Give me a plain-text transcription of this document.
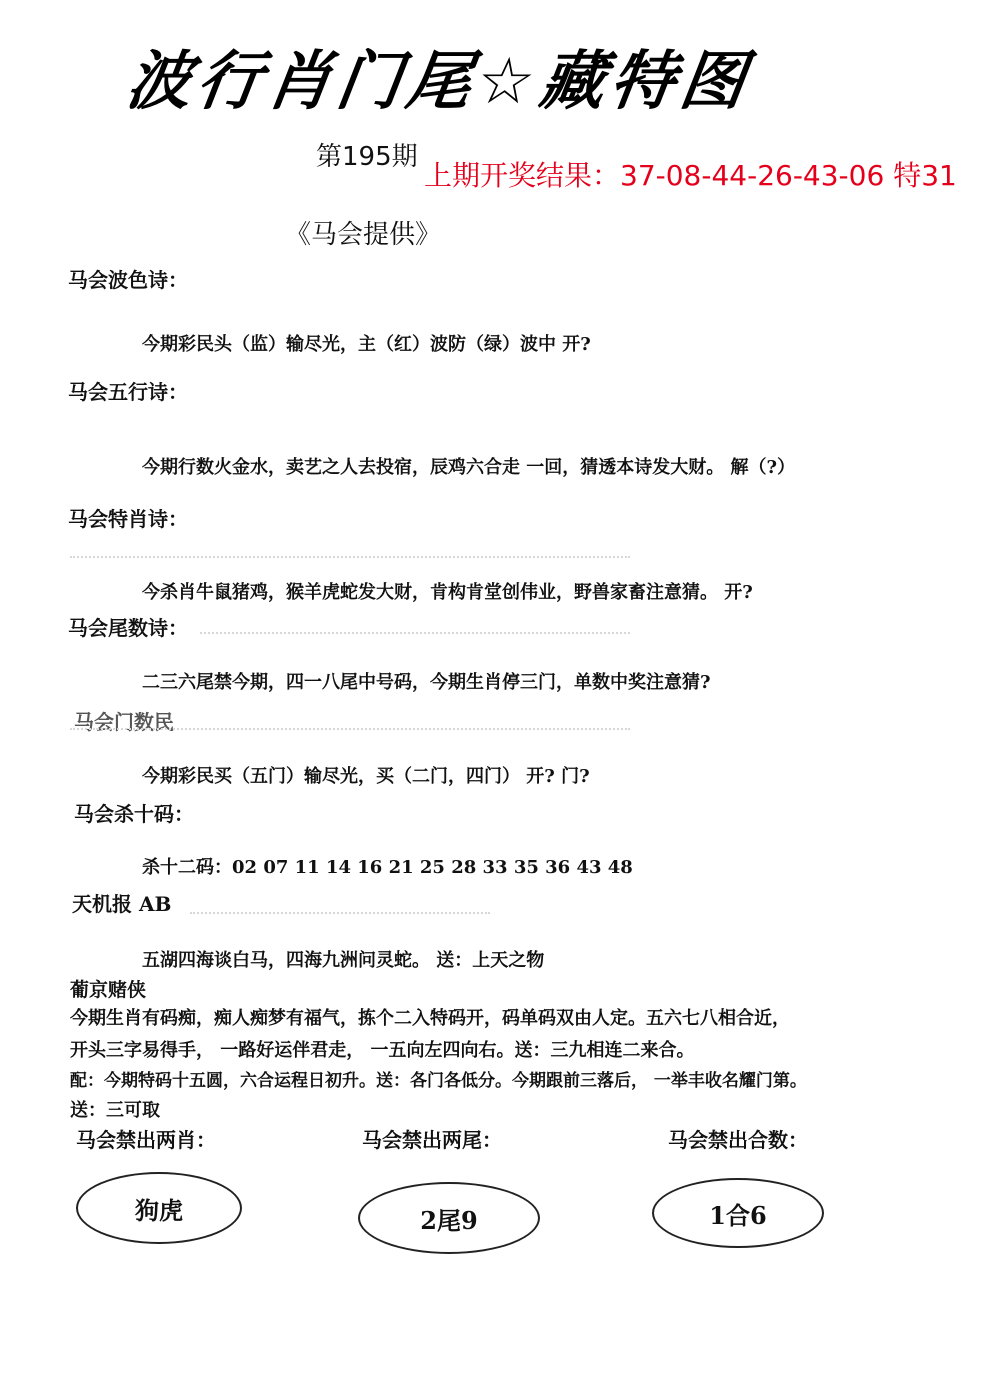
波行肖门尾☆藏特图
第195期
上期开奖结果：37-08-44-26-43-06 特31
《马会提供》
马会波色诗：
今期彩民头（监）输尽光，主（红）波防（绿）波中 开?
马会五行诗：
今期行数火金水，卖艺之人去投宿，辰鸡六合走 一回，猜透本诗发大财。 解（?）
马会特肖诗：
今杀肖牛鼠猪鸡，猴羊虎蛇发大财，肯构肯堂创伟业，野兽家畜注意猜。 开?
马会尾数诗：
二三六尾禁今期，四一八尾中号码，今期生肖停三门，单数中奖注意猜?
马会门数民
今期彩民买（五门）输尽光，买（二门，四门） 开? 门?
马会杀十码：
杀十二码：02 07 11 14 16 21 25 28 33 35 36 43 48
天机报 AB
五湖四海谈白马，四海九洲问灵蛇。 送：上天之物
葡京赌侠
今期生肖有码痴，痴人痴梦有福气，拣个二入特码开，码单码双由人定。五六七八相合近，
开头三字易得手， 一路好运伴君走， 一五向左四向右。送：三九相连二来合。
配：今期特码十五圆，六合运程日初升。送：各门各低分。今期跟前三落后， 一举丰收名耀门第。
送：三可取
马会禁出两肖：	马会禁出两尾：	马会禁出合数：
狗虎	2尾9	1合6
